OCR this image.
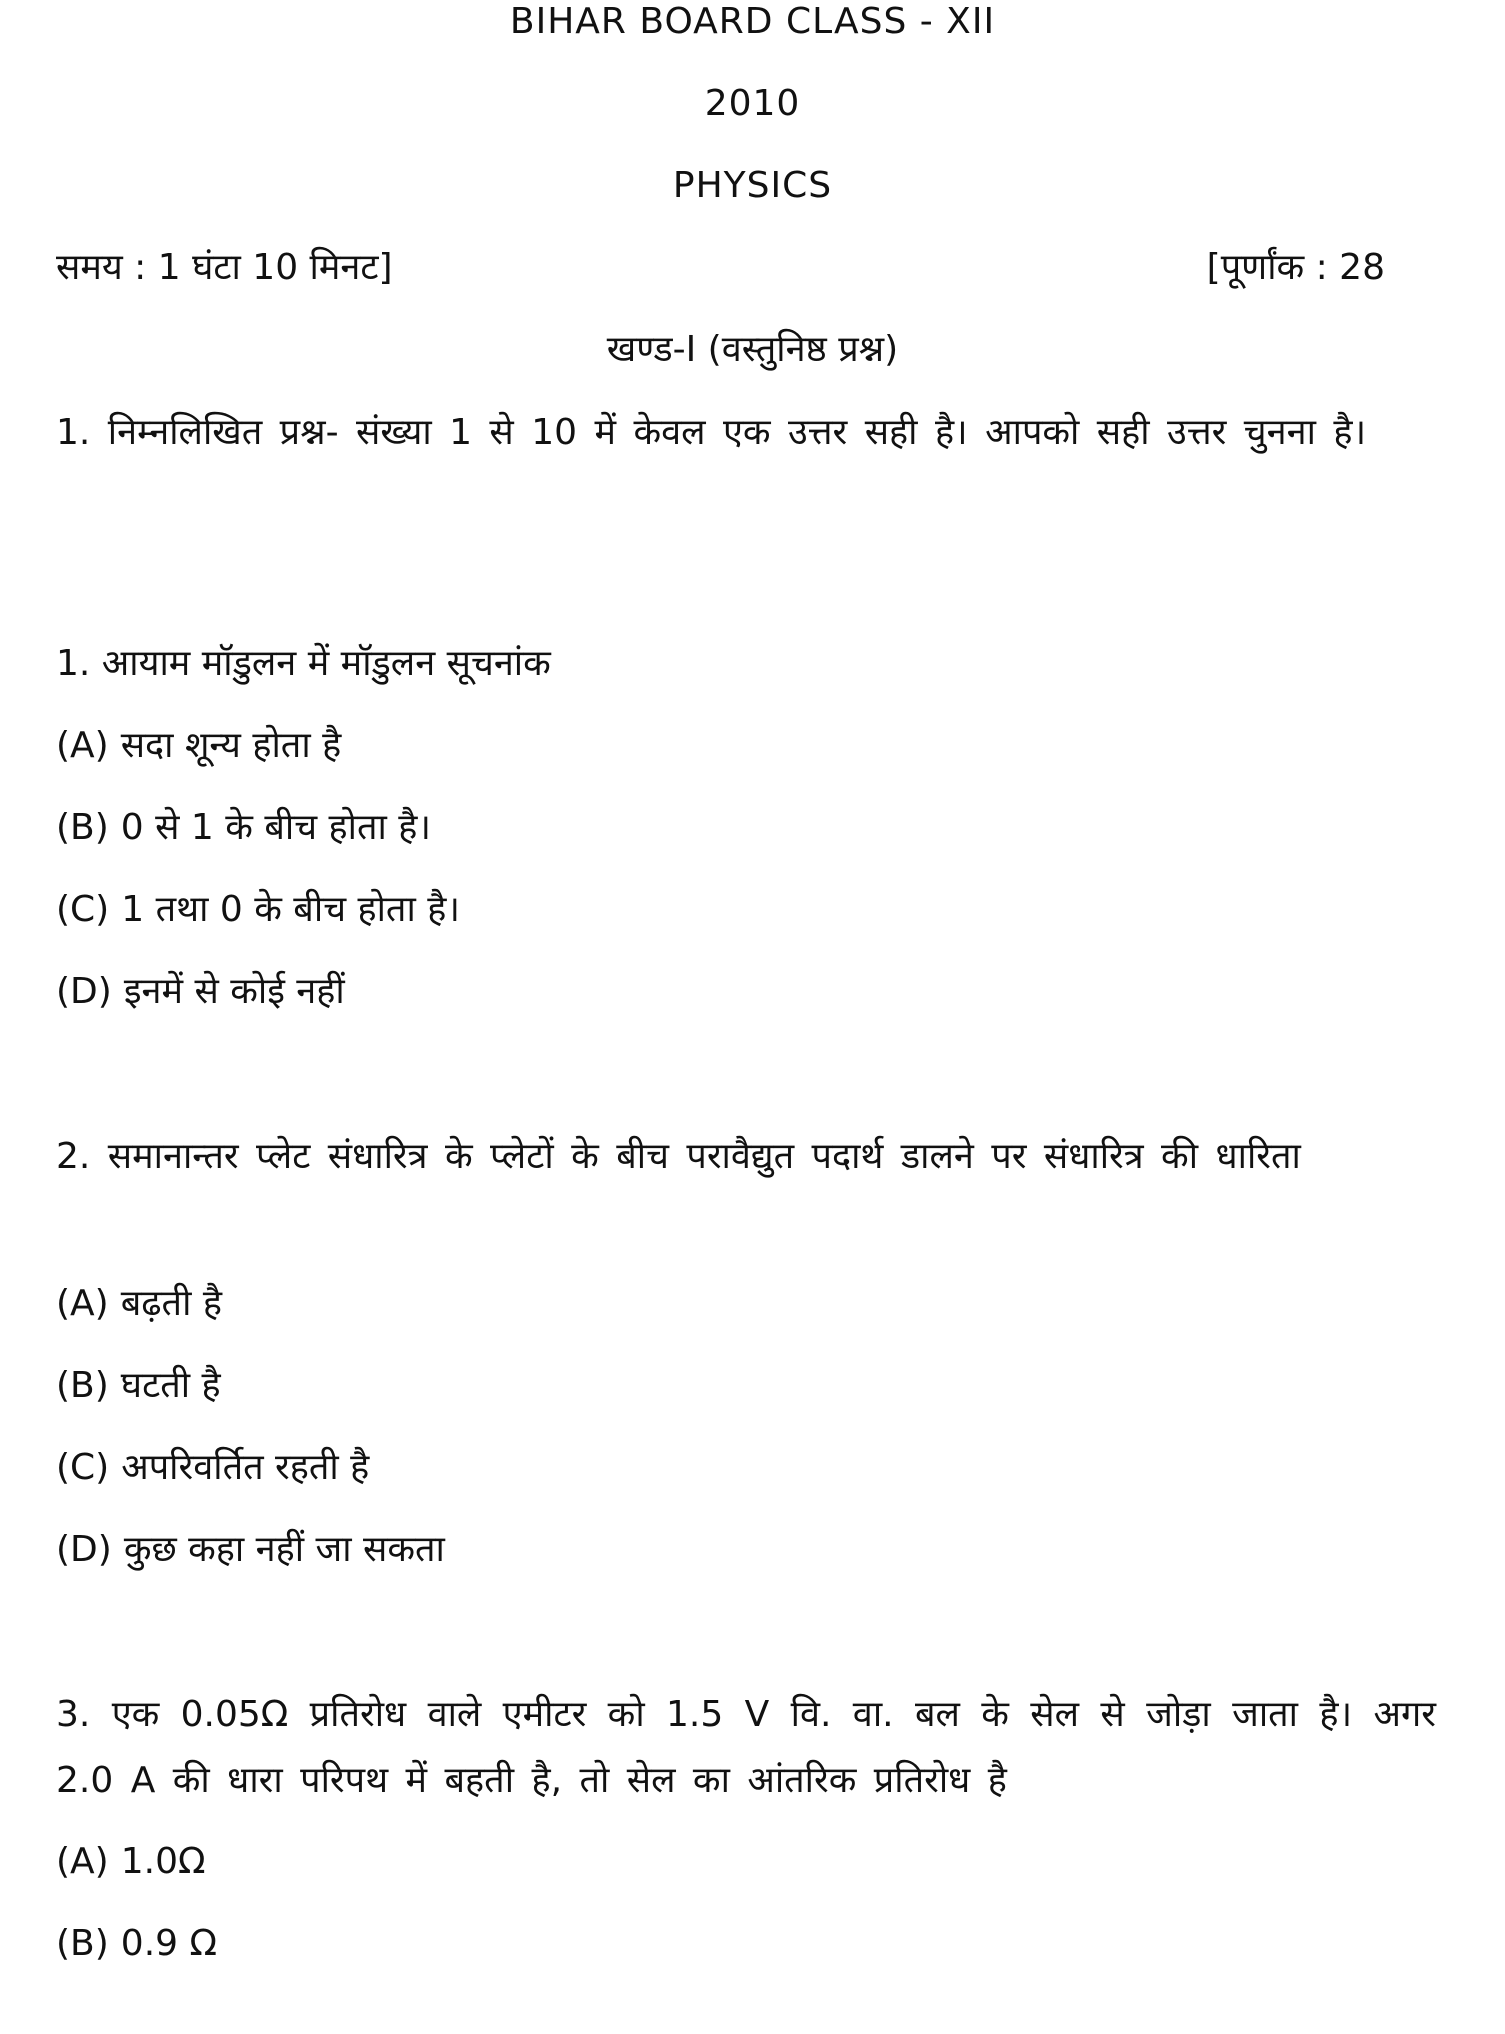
BIHAR BOARD CLASS - XII
2010
PHYSICS
समय : 1 घंटा 10 मिनट]	[पूर्णांक : 28
खण्ड-I (वस्तुनिष्ठ प्रश्न)
1. निम्नलिखित प्रश्न- संख्या 1 से 10 में केवल एक उत्तर सही है। आपको सही उत्तर चुनना है।
1. आयाम मॉडुलन में मॉडुलन सूचनांक
(A) सदा शून्य होता है
(B) 0 से 1 के बीच होता है।
(C) 1 तथा 0 के बीच होता है।
(D) इनमें से कोई नहीं
2. समानान्तर प्लेट संधारित्र के प्लेटों के बीच परावैद्युत पदार्थ डालने पर संधारित्र की धारिता
(A) बढ़ती है
(B) घटती है
(C) अपरिवर्तित रहती है
(D) कुछ कहा नहीं जा सकता
3. एक 0.05Ω प्रतिरोध वाले एमीटर को 1.5 V वि. वा. बल के सेल से जोड़ा जाता है। अगर 2.0 A की धारा परिपथ में बहती है, तो सेल का आंतरिक प्रतिरोध है
(A) 1.0Ω
(B) 0.9 Ω
